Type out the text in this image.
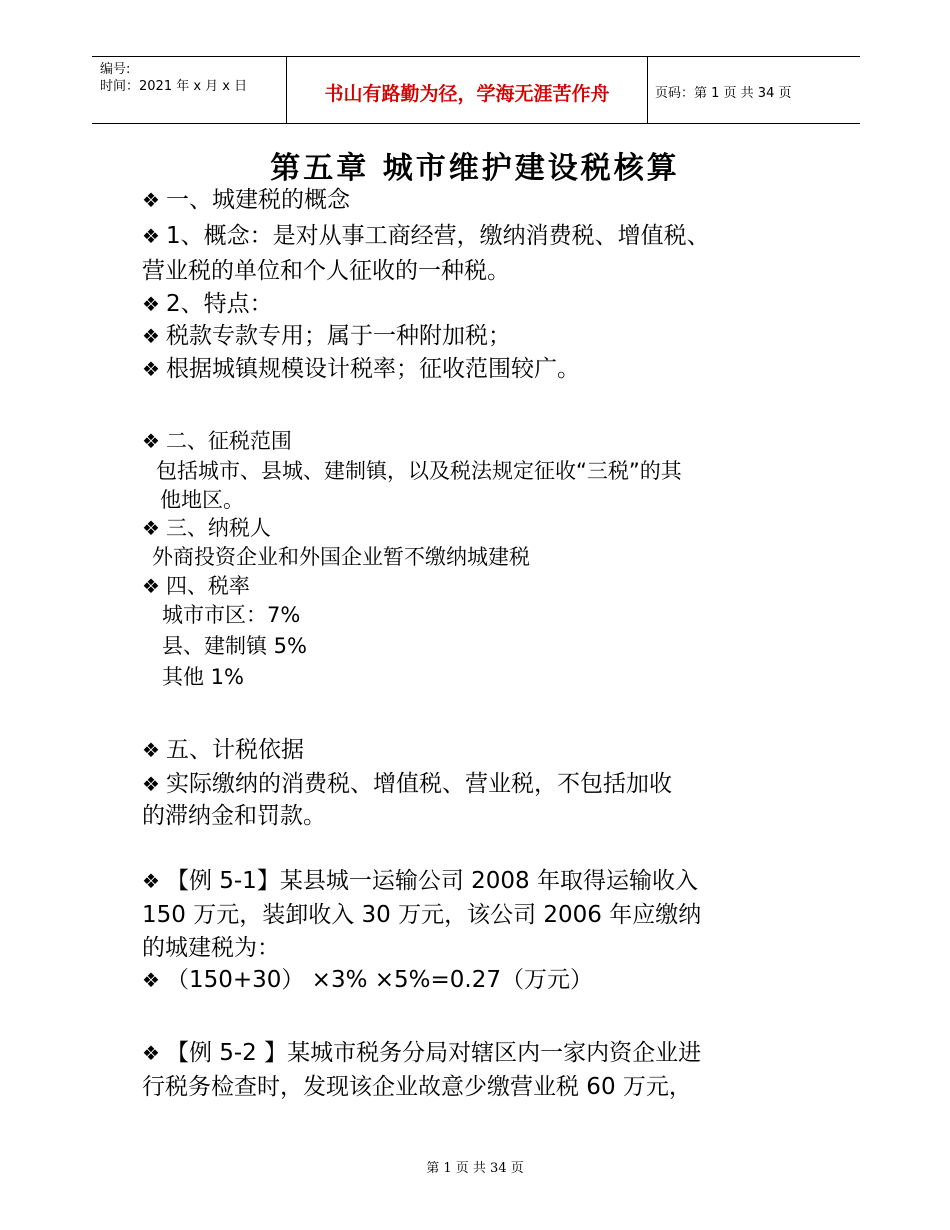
编号:
时间：2021 年 x 月 x 日	书山有路勤为径，学海无涯苦作舟	页码：第 1 页 共 34 页
第五章 城市维护建设税核算
❖ 一、城建税的概念
❖ 1、概念：是对从事工商经营，缴纳消费税、增值税、
营业税的单位和个人征收的一种税。
❖ 2、特点：
❖ 税款专款专用；属于一种附加税；
❖ 根据城镇规模设计税率；征收范围较广。
❖ 二、征税范围
包括城市、县城、建制镇，以及税法规定征收“三税”的其
他地区。
❖ 三、纳税人
外商投资企业和外国企业暂不缴纳城建税
❖ 四、税率
城市市区：7%
县、建制镇 5%
其他 1%
❖ 五、计税依据
❖ 实际缴纳的消费税、增值税、营业税，不包括加收
的滞纳金和罚款。
❖ 【例 5-1】某县城一运输公司 2008 年取得运输收入
150 万元，装卸收入 30 万元，该公司 2006 年应缴纳
的城建税为：
❖ （150+30） ×3% ×5%=0.27（万元）
❖ 【例 5-2 】某城市税务分局对辖区内一家内资企业进
行税务检查时，发现该企业故意少缴营业税 60 万元，
第 1 页 共 34 页
